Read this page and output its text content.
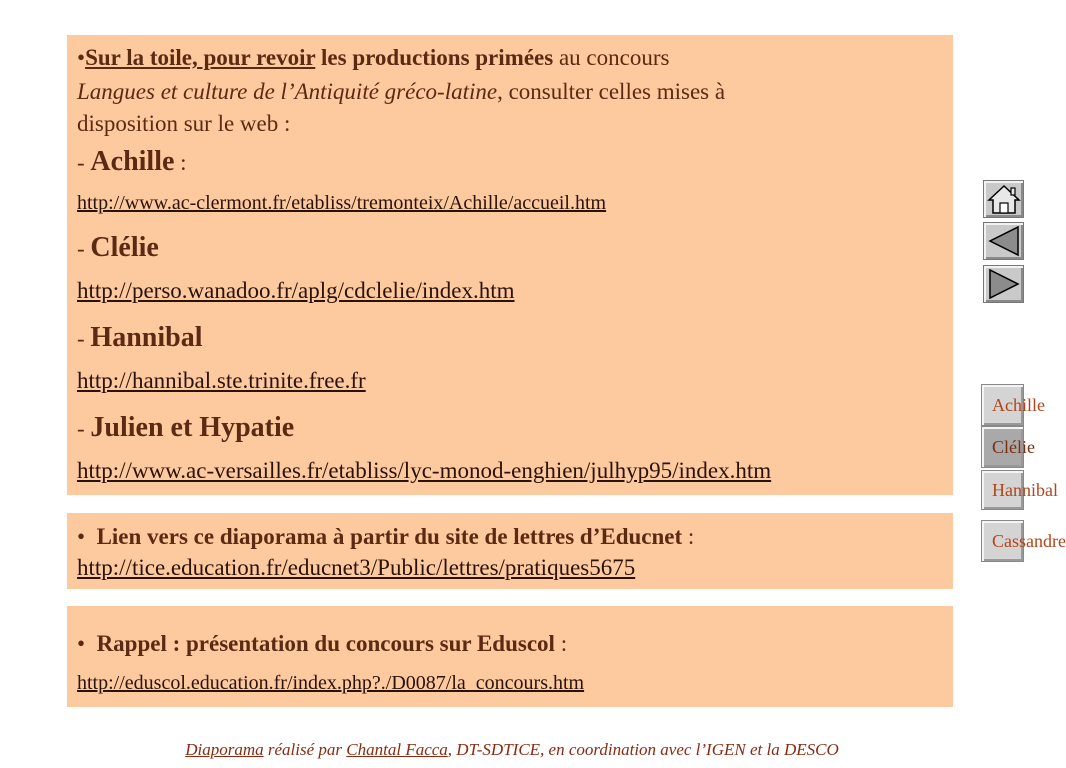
•Sur la toile, pour revoir les productions primées au concours
Langues et culture de l’Antiquité gréco-latine, consulter celles mises à
disposition sur le web :
- Achille :
http://www.ac-clermont.fr/etabliss/tremonteix/Achille/accueil.htm
- Clélie
http://perso.wanadoo.fr/aplg/cdclelie/index.htm
- Hannibal
http://hannibal.ste.trinite.free.fr
- Julien et Hypatie
http://www.ac-versailles.fr/etabliss/lyc-monod-enghien/julhyp95/index.htm
• Lien vers ce diaporama à partir du site de lettres d’Educnet :
http://tice.education.fr/educnet3/Public/lettres/pratiques5675
• Rappel : présentation du concours sur Eduscol :
http://eduscol.education.fr/index.php?./D0087/la_concours.htm
Achille
Clélie
Hannibal
Cassandre
Diaporama réalisé par Chantal Facca, DT-SDTICE, en coordination avec l’IGEN et la DESCO
